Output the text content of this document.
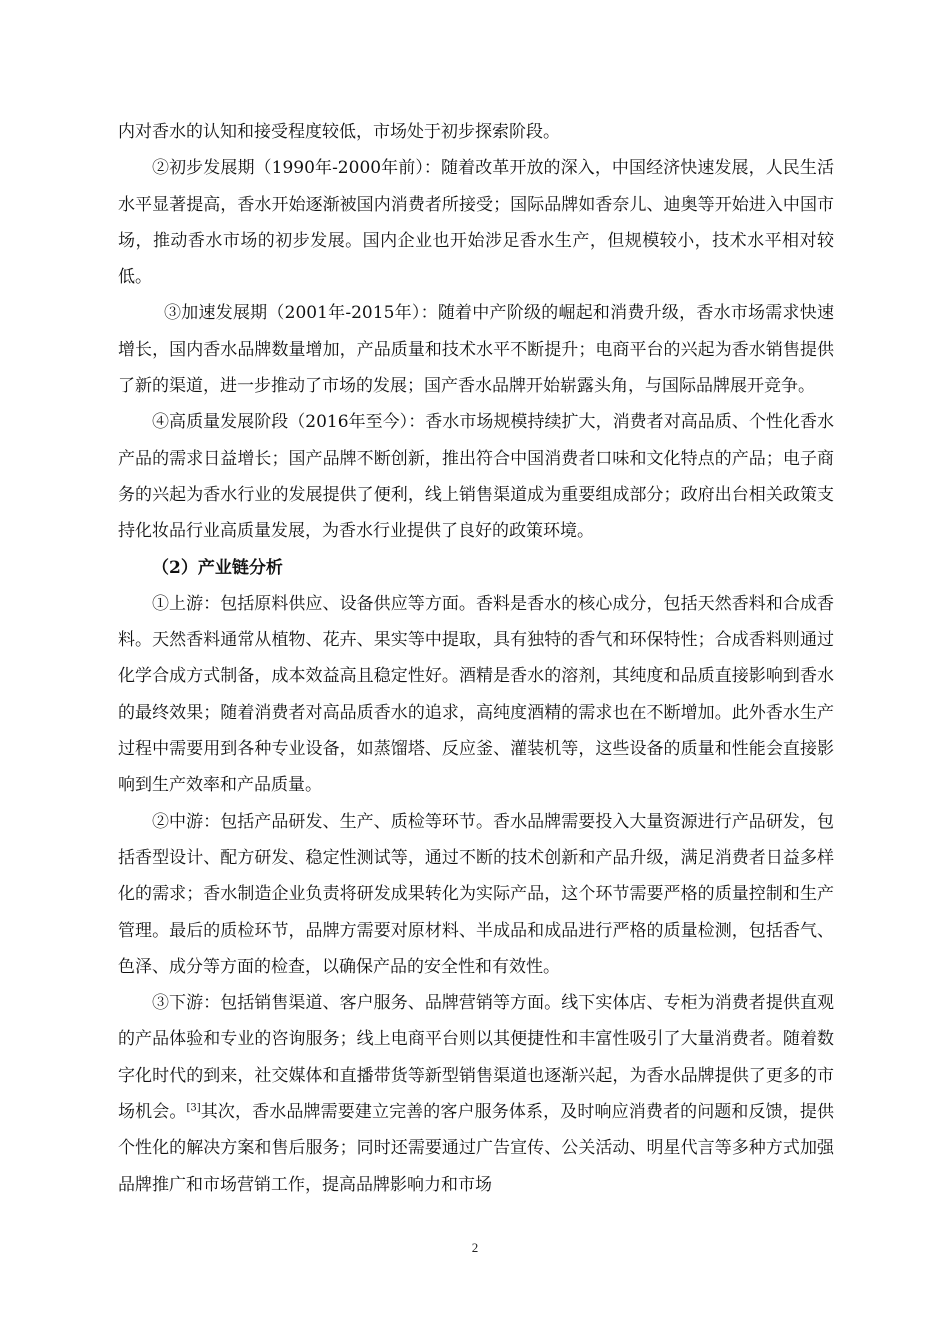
内对香水的认知和接受程度较低，市场处于初步探索阶段。

②初步发展期（1990年-2000年前）：随着改革开放的深入，中国经济快速发展，人民生活水平显著提高，香水开始逐渐被国内消费者所接受；国际品牌如香奈儿、迪奥等开始进入中国市场，推动香水市场的初步发展。国内企业也开始涉足香水生产，但规模较小，技术水平相对较低。

③加速发展期（2001年-2015年）：随着中产阶级的崛起和消费升级，香水市场需求快速增长，国内香水品牌数量增加，产品质量和技术水平不断提升；电商平台的兴起为香水销售提供了新的渠道，进一步推动了市场的发展；国产香水品牌开始崭露头角，与国际品牌展开竞争。

④高质量发展阶段（2016年至今）：香水市场规模持续扩大，消费者对高品质、个性化香水产品的需求日益增长；国产品牌不断创新，推出符合中国消费者口味和文化特点的产品；电子商务的兴起为香水行业的发展提供了便利，线上销售渠道成为重要组成部分；政府出台相关政策支持化妆品行业高质量发展，为香水行业提供了良好的政策环境。

（2）产业链分析

①上游：包括原料供应、设备供应等方面。香料是香水的核心成分，包括天然香料和合成香料。天然香料通常从植物、花卉、果实等中提取，具有独特的香气和环保特性；合成香料则通过化学合成方式制备，成本效益高且稳定性好。酒精是香水的溶剂，其纯度和品质直接影响到香水的最终效果；随着消费者对高品质香水的追求，高纯度酒精的需求也在不断增加。此外香水生产过程中需要用到各种专业设备，如蒸馏塔、反应釜、灌装机等，这些设备的质量和性能会直接影响到生产效率和产品质量。

②中游：包括产品研发、生产、质检等环节。香水品牌需要投入大量资源进行产品研发，包括香型设计、配方研发、稳定性测试等，通过不断的技术创新和产品升级，满足消费者日益多样化的需求；香水制造企业负责将研发成果转化为实际产品，这个环节需要严格的质量控制和生产管理。最后的质检环节，品牌方需要对原材料、半成品和成品进行严格的质量检测，包括香气、色泽、成分等方面的检查，以确保产品的安全性和有效性。

③下游：包括销售渠道、客户服务、品牌营销等方面。线下实体店、专柜为消费者提供直观的产品体验和专业的咨询服务；线上电商平台则以其便捷性和丰富性吸引了大量消费者。随着数字化时代的到来，社交媒体和直播带货等新型销售渠道也逐渐兴起，为香水品牌提供了更多的市场机会。[3]其次，香水品牌需要建立完善的客户服务体系，及时响应消费者的问题和反馈，提供个性化的解决方案和售后服务；同时还需要通过广告宣传、公关活动、明星代言等多种方式加强品牌推广和市场营销工作，提高品牌影响力和市场

2
